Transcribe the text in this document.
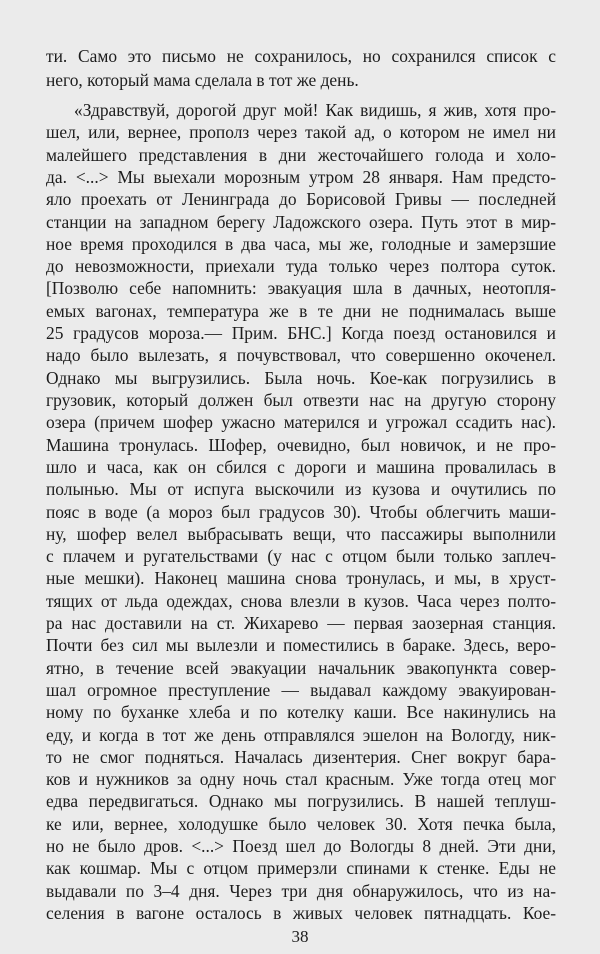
ти. Само это письмо не сохранилось, но сохранился список с
него, который мама сделала в тот же день.
«Здравствуй, дорогой друг мой! Как видишь, я жив, хотя про-
шел, или, вернее, прополз через такой ад, о котором не имел ни
малейшего представления в дни жесточайшего голода и холо-
да. <...> Мы выехали морозным утром 28 января. Нам предсто-
яло проехать от Ленинграда до Борисовой Гривы — последней
станции на западном берегу Ладожского озера. Путь этот в мир-
ное время проходился в два часа, мы же, голодные и замерзшие
до невозможности, приехали туда только через полтора суток.
[Позволю себе напомнить: эвакуация шла в дачных, неотопля-
емых вагонах, температура же в те дни не поднималась выше
25 градусов мороза.— Прим. БНС.] Когда поезд остановился и
надо было вылезать, я почувствовал, что совершенно окоченел.
Однако мы выгрузились. Была ночь. Кое-как погрузились в
грузовик, который должен был отвезти нас на другую сторону
озера (причем шофер ужасно матерился и угрожал ссадить нас).
Машина тронулась. Шофер, очевидно, был новичок, и не про-
шло и часа, как он сбился с дороги и машина провалилась в
полынью. Мы от испуга выскочили из кузова и очутились по
пояс в воде (а мороз был градусов 30). Чтобы облегчить маши-
ну, шофер велел выбрасывать вещи, что пассажиры выполнили
с плачем и ругательствами (у нас с отцом были только заплеч-
ные мешки). Наконец машина снова тронулась, и мы, в хруст-
тящих от льда одеждах, снова влезли в кузов. Часа через полто-
ра нас доставили на ст. Жихарево — первая заозерная станция.
Почти без сил мы вылезли и поместились в бараке. Здесь, веро-
ятно, в течение всей эвакуации начальник эвакопункта совер-
шал огромное преступление — выдавал каждому эвакуирован-
ному по буханке хлеба и по котелку каши. Все накинулись на
еду, и когда в тот же день отправлялся эшелон на Вологду, ник-
то не смог подняться. Началась дизентерия. Снег вокруг бара-
ков и нужников за одну ночь стал красным. Уже тогда отец мог
едва передвигаться. Однако мы погрузились. В нашей теплуш-
ке или, вернее, холодушке было человек 30. Хотя печка была,
но не было дров. <...> Поезд шел до Вологды 8 дней. Эти дни,
как кошмар. Мы с отцом примерзли спинами к стенке. Еды не
выдавали по 3–4 дня. Через три дня обнаружилось, что из на-
селения в вагоне осталось в живых человек пятнадцать. Кое-
38
